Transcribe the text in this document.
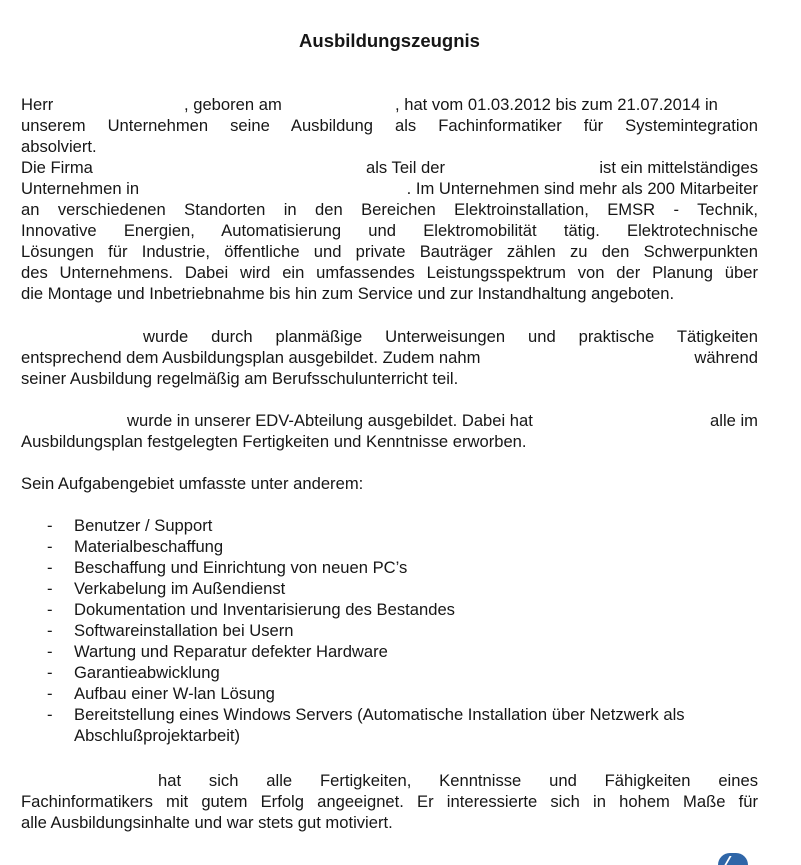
Ausbildungszeugnis
Herr	, geboren am	, hat vom 01.03.2012 bis zum 21.07.2014 in
unserem Unternehmen seine Ausbildung als Fachinformatiker für Systemintegration
absolviert.
Die Firma	als Teil der	ist ein mittelständiges
Unternehmen in	. Im Unternehmen sind mehr als 200 Mitarbeiter
an verschiedenen Standorten in den Bereichen Elektroinstallation, EMSR - Technik,
Innovative Energien, Automatisierung und Elektromobilität tätig. Elektrotechnische
Lösungen für Industrie, öffentliche und private Bauträger zählen zu den Schwerpunkten
des Unternehmens. Dabei wird ein umfassendes Leistungsspektrum von der Planung über
die Montage und Inbetriebnahme bis hin zum Service und zur Instandhaltung angeboten.
wurde durch planmäßige Unterweisungen und praktische Tätigkeiten
entsprechend dem Ausbildungsplan ausgebildet. Zudem nahm	während
seiner Ausbildung regelmäßig am Berufsschulunterricht teil.
wurde in unserer EDV-Abteilung ausgebildet. Dabei hat	alle im
Ausbildungsplan festgelegten Fertigkeiten und Kenntnisse erworben.
Sein Aufgabengebiet umfasste unter anderem:
- Benutzer / Support
- Materialbeschaffung
- Beschaffung und Einrichtung von neuen PC’s
- Verkabelung im Außendienst
- Dokumentation und Inventarisierung des Bestandes
- Softwareinstallation bei Usern
- Wartung und Reparatur defekter Hardware
- Garantieabwicklung
- Aufbau einer W-lan Lösung
- Bereitstellung eines Windows Servers (Automatische Installation über Netzwerk als Abschlußprojektarbeit)
hat sich alle Fertigkeiten, Kenntnisse und Fähigkeiten eines
Fachinformatikers mit gutem Erfolg angeeignet. Er interessierte sich in hohem Maße für
alle Ausbildungsinhalte und war stets gut motiviert.
